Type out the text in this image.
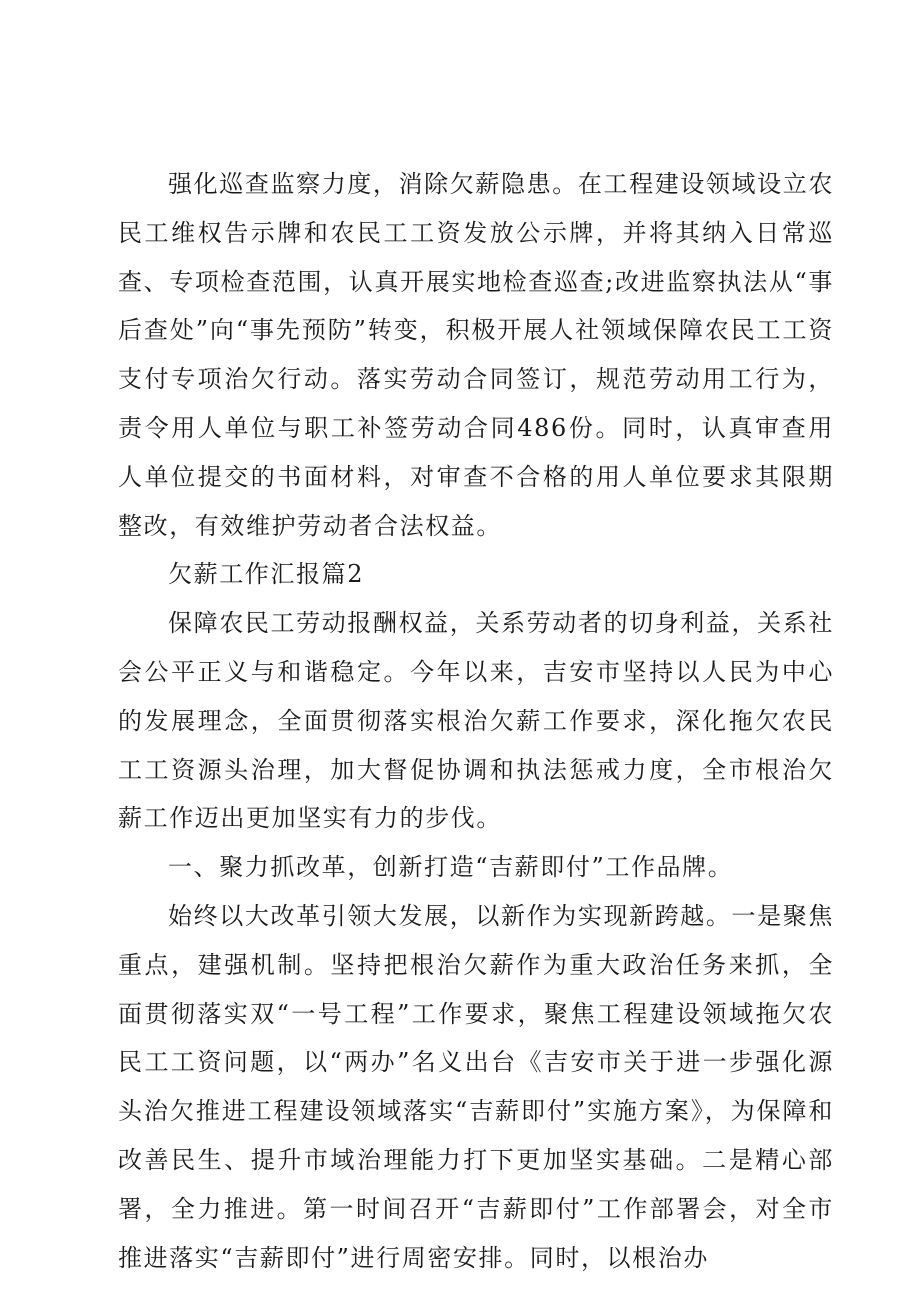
强化巡查监察力度，消除欠薪隐患。在工程建设领域设立农民工维权告示牌和农民工工资发放公示牌，并将其纳入日常巡查、专项检查范围，认真开展实地检查巡查;改进监察执法从“事后查处”向“事先预防”转变，积极开展人社领域保障农民工工资支付专项治欠行动。落实劳动合同签订，规范劳动用工行为，责令用人单位与职工补签劳动合同486份。同时，认真审查用人单位提交的书面材料，对审查不合格的用人单位要求其限期整改，有效维护劳动者合法权益。

欠薪工作汇报篇2

保障农民工劳动报酬权益，关系劳动者的切身利益，关系社会公平正义与和谐稳定。今年以来，吉安市坚持以人民为中心的发展理念，全面贯彻落实根治欠薪工作要求，深化拖欠农民工工资源头治理，加大督促协调和执法惩戒力度，全市根治欠薪工作迈出更加坚实有力的步伐。

一、聚力抓改革，创新打造“吉薪即付”工作品牌。

始终以大改革引领大发展，以新作为实现新跨越。一是聚焦重点，建强机制。坚持把根治欠薪作为重大政治任务来抓，全面贯彻落实双“一号工程”工作要求，聚焦工程建设领域拖欠农民工工资问题，以“两办”名义出台《吉安市关于进一步强化源头治欠推进工程建设领域落实“吉薪即付”实施方案》，为保障和改善民生、提升市域治理能力打下更加坚实基础。二是精心部署，全力推进。第一时间召开“吉薪即付”工作部署会，对全市推进落实“吉薪即付”进行周密安排。同时，以根治办
